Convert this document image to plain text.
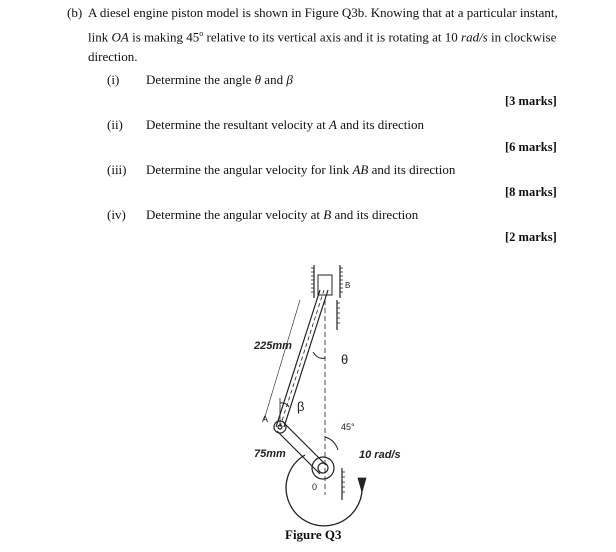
(b) A diesel engine piston model is shown in Figure Q3b. Knowing that at a particular instant,
link OA is making 45$^o$ relative to its vertical axis and it is rotating at 10 rad/s in clockwise
direction.
(i) Determine the angle θ and β
[3 marks]
(ii) Determine the resultant velocity at A and its direction
[6 marks]
(iii) Determine the angular velocity for link AB and its direction
[8 marks]
(iv) Determine the angular velocity at B and its direction
[2 marks]
B
A
0
225mm
75mm
θ
β
45°
10 rad/s
Figure Q3
